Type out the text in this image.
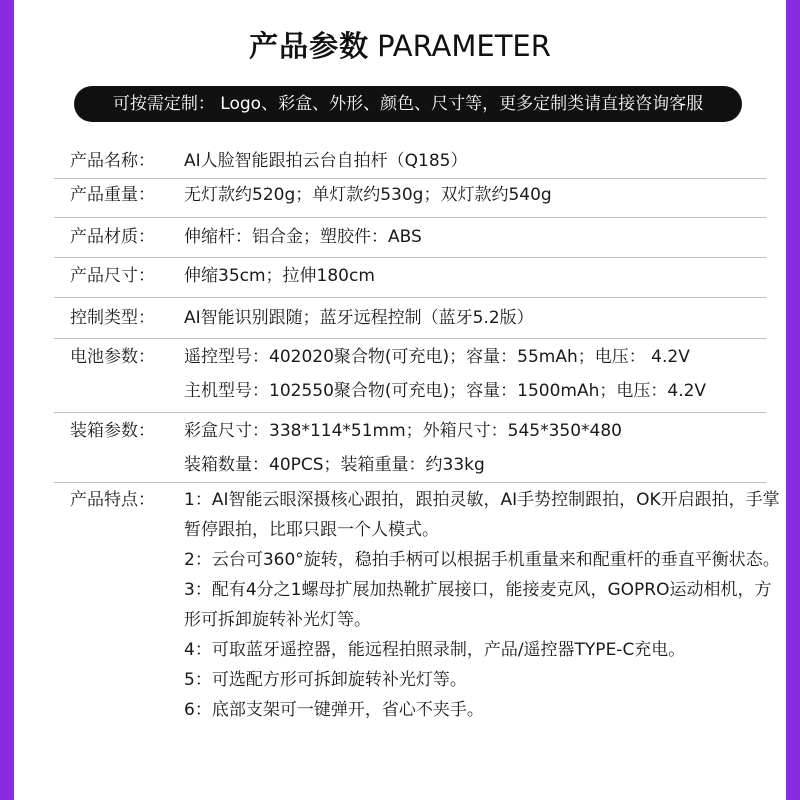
产品参数 PARAMETER
可按需定制： Logo、彩盒、外形、颜色、尺寸等，更多定制类请直接咨询客服
产品名称： AI人脸智能跟拍云台自拍杆（Q185）
产品重量： 无灯款约520g；单灯款约530g；双灯款约540g
产品材质： 伸缩杆：铝合金；塑胶件：ABS
产品尺寸： 伸缩35cm；拉伸180cm
控制类型： AI智能识别跟随；蓝牙远程控制（蓝牙5.2版）
电池参数： 遥控型号：402020聚合物(可充电)；容量：55mAh；电压： 4.2V
主机型号：102550聚合物(可充电)；容量：1500mAh；电压：4.2V
装箱参数： 彩盒尺寸：338*114*51mm；外箱尺寸：545*350*480
装箱数量：40PCS；装箱重量：约33kg
产品特点： 1：AI智能云眼深摄核心跟拍，跟拍灵敏，AI手势控制跟拍，OK开启跟拍，手掌暂停跟拍，比耶只跟一个人模式。
2：云台可360°旋转，稳拍手柄可以根据手机重量来和配重杆的垂直平衡状态。
3：配有4分之1螺母扩展加热靴扩展接口，能接麦克风，GOPRO运动相机，方形可拆卸旋转补光灯等。
4：可取蓝牙遥控器，能远程拍照录制，产品/遥控器TYPE-C充电。
5：可选配方形可拆卸旋转补光灯等。
6：底部支架可一键弹开，省心不夹手。
